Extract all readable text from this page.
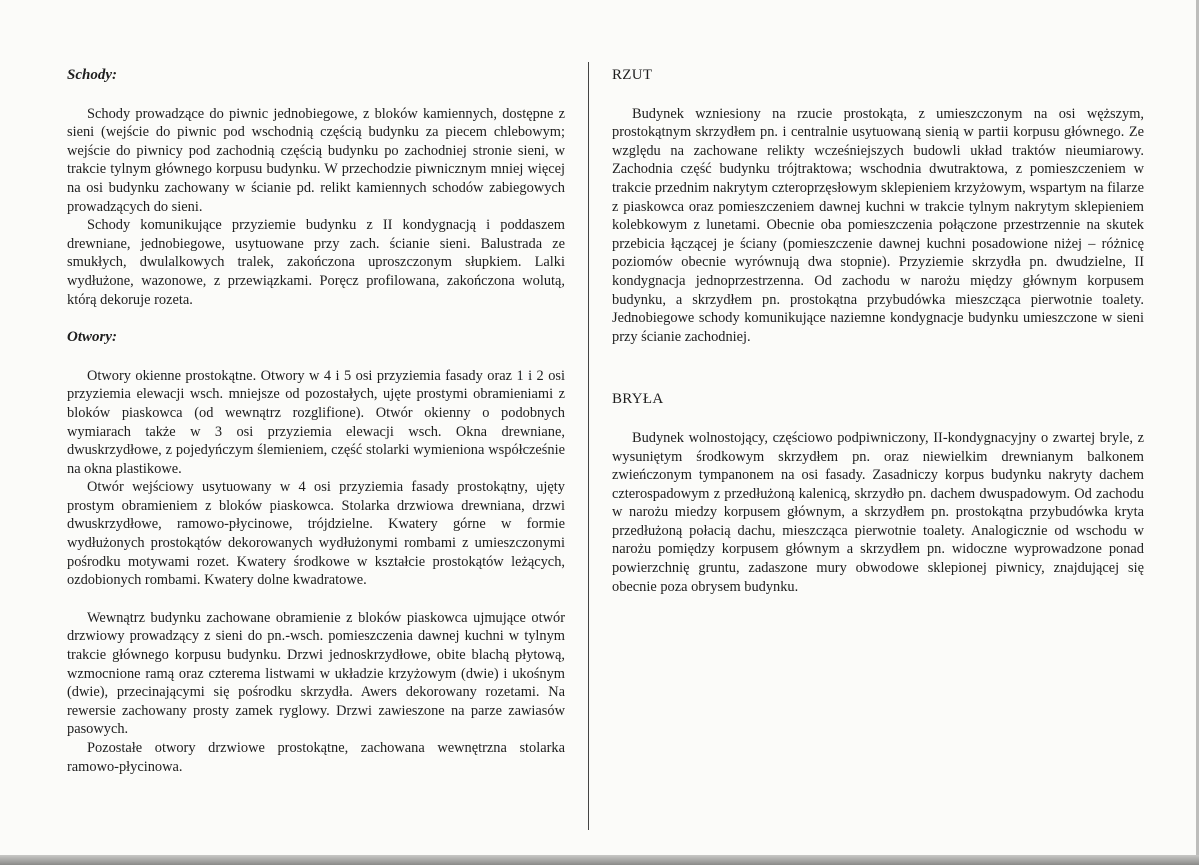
Schody:

Schody prowadzące do piwnic jednobiegowe, z bloków kamiennych, dostępne z sieni (wejście do piwnic pod wschodnią częścią budynku za piecem chlebowym; wejście do piwnicy pod zachodnią częścią budynku po zachodniej stronie sieni, w trakcie tylnym głównego korpusu budynku. W przechodzie piwnicznym mniej więcej na osi budynku zachowany w ścianie pd. relikt kamiennych schodów zabiegowych prowadzących do sieni.

Schody komunikujące przyziemie budynku z II kondygnacją i poddaszem drewniane, jednobiegowe, usytuowane przy zach. ścianie sieni. Balustrada ze smukłych, dwulalkowych tralek, zakończona uproszczonym słupkiem. Lalki wydłużone, wazonowe, z przewiązkami. Poręcz profilowana, zakończona wolutą, którą dekoruje rozeta.

Otwory:

Otwory okienne prostokątne. Otwory w 4 i 5 osi przyziemia fasady oraz 1 i 2 osi przyziemia elewacji wsch. mniejsze od pozostałych, ujęte prostymi obramieniami z bloków piaskowca (od wewnątrz rozglifione). Otwór okienny o podobnych wymiarach także w 3 osi przyziemia elewacji wsch. Okna drewniane, dwuskrzydłowe, z pojedyńczym ślemieniem, część stolarki wymieniona współcześnie na okna plastikowe.

Otwór wejściowy usytuowany w 4 osi przyziemia fasady prostokątny, ujęty prostym obramieniem z bloków piaskowca. Stolarka drzwiowa drewniana, drzwi dwuskrzydłowe, ramowo-płycinowe, trójdzielne. Kwatery górne w formie wydłużonych prostokątów dekorowanych wydłużonymi rombami z umieszczonymi pośrodku motywami rozet. Kwatery środkowe w kształcie prostokątów leżących, ozdobionych rombami. Kwatery dolne kwadratowe.

Wewnątrz budynku zachowane obramienie z bloków piaskowca ujmujące otwór drzwiowy prowadzący z sieni do pn.-wsch. pomieszczenia dawnej kuchni w tylnym trakcie głównego korpusu budynku. Drzwi jednoskrzydłowe, obite blachą płytową, wzmocnione ramą oraz czterema listwami w układzie krzyżowym (dwie) i ukośnym (dwie), przecinającymi się pośrodku skrzydła. Awers dekorowany rozetami. Na rewersie zachowany prosty zamek ryglowy. Drzwi zawieszone na parze zawiasów pasowych.

Pozostałe otwory drzwiowe prostokątne, zachowana wewnętrzna stolarka ramowo-płycinowa.

RZUT

Budynek wzniesiony na rzucie prostokąta, z umieszczonym na osi węższym, prostokątnym skrzydłem pn. i centralnie usytuowaną sienią w partii korpusu głównego. Ze względu na zachowane relikty wcześniejszych budowli układ traktów nieumiarowy. Zachodnia część budynku trójtraktowa; wschodnia dwutraktowa, z pomieszczeniem w trakcie przednim nakrytym czteroprzęsłowym sklepieniem krzyżowym, wspartym na filarze z piaskowca oraz pomieszczeniem dawnej kuchni w trakcie tylnym nakrytym sklepieniem kolebkowym z lunetami. Obecnie oba pomieszczenia połączone przestrzennie na skutek przebicia łączącej je ściany (pomieszczenie dawnej kuchni posadowione niżej – różnicę poziomów obecnie wyrównują dwa stopnie). Przyziemie skrzydła pn. dwudzielne, II kondygnacja jednoprzestrzenna. Od zachodu w narożu między głównym korpusem budynku, a skrzydłem pn. prostokątna przybudówka mieszcząca pierwotnie toalety. Jednobiegowe schody komunikujące naziemne kondygnacje budynku umieszczone w sieni przy ścianie zachodniej.

BRYŁA

Budynek wolnostojący, częściowo podpiwniczony, II-kondygnacyjny o zwartej bryle, z wysuniętym środkowym skrzydłem pn. oraz niewielkim drewnianym balkonem zwieńczonym tympanonem na osi fasady. Zasadniczy korpus budynku nakryty dachem czterospadowym z przedłużoną kalenicą, skrzydło pn. dachem dwuspadowym. Od zachodu w narożu miedzy korpusem głównym, a skrzydłem pn. prostokątna przybudówka kryta przedłużoną połacią dachu, mieszcząca pierwotnie toalety. Analogicznie od wschodu w narożu pomiędzy korpusem głównym a skrzydłem pn. widoczne wyprowadzone ponad powierzchnię gruntu, zadaszone mury obwodowe sklepionej piwnicy, znajdującej się obecnie poza obrysem budynku.
